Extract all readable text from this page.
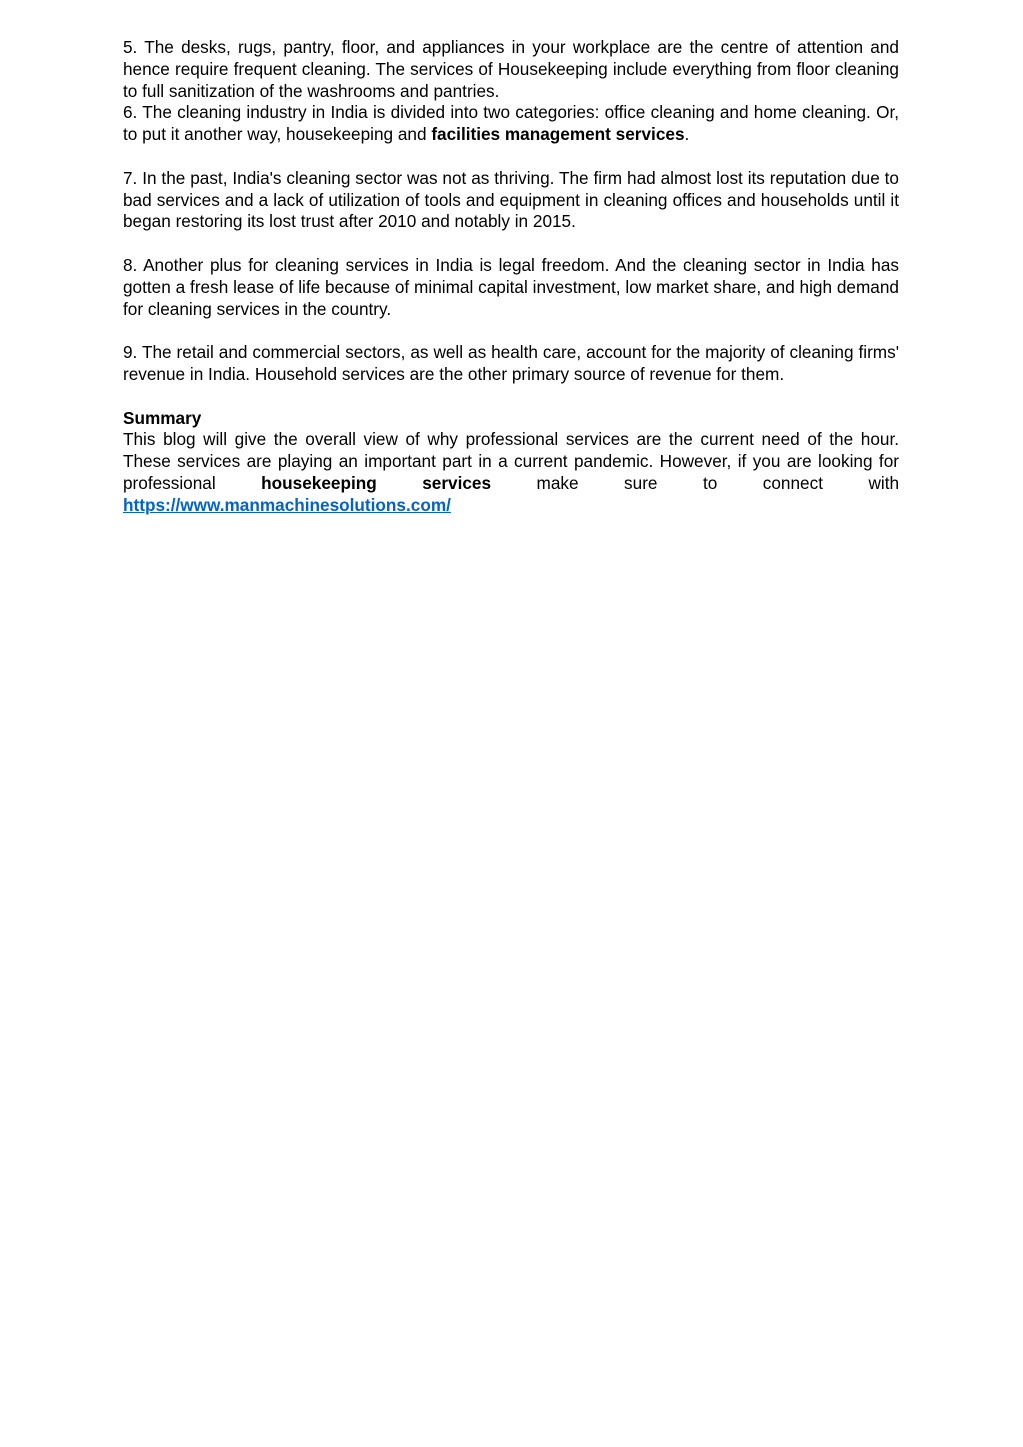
5. The desks, rugs, pantry, floor, and appliances in your workplace are the centre of attention and hence require frequent cleaning. The services of Housekeeping include everything from floor cleaning to full sanitization of the washrooms and pantries.

6. The cleaning industry in India is divided into two categories: office cleaning and home cleaning. Or, to put it another way, housekeeping and facilities management services.

7. In the past, India's cleaning sector was not as thriving. The firm had almost lost its reputation due to bad services and a lack of utilization of tools and equipment in cleaning offices and households until it began restoring its lost trust after 2010 and notably in 2015.

8. Another plus for cleaning services in India is legal freedom. And the cleaning sector in India has gotten a fresh lease of life because of minimal capital investment, low market share, and high demand for cleaning services in the country.

9. The retail and commercial sectors, as well as health care, account for the majority of cleaning firms' revenue in India. Household services are the other primary source of revenue for them.

Summary

This blog will give the overall view of why professional services are the current need of the hour. These services are playing an important part in a current pandemic. However, if you are looking for professional housekeeping services make sure to connect with https://www.manmachinesolutions.com/
